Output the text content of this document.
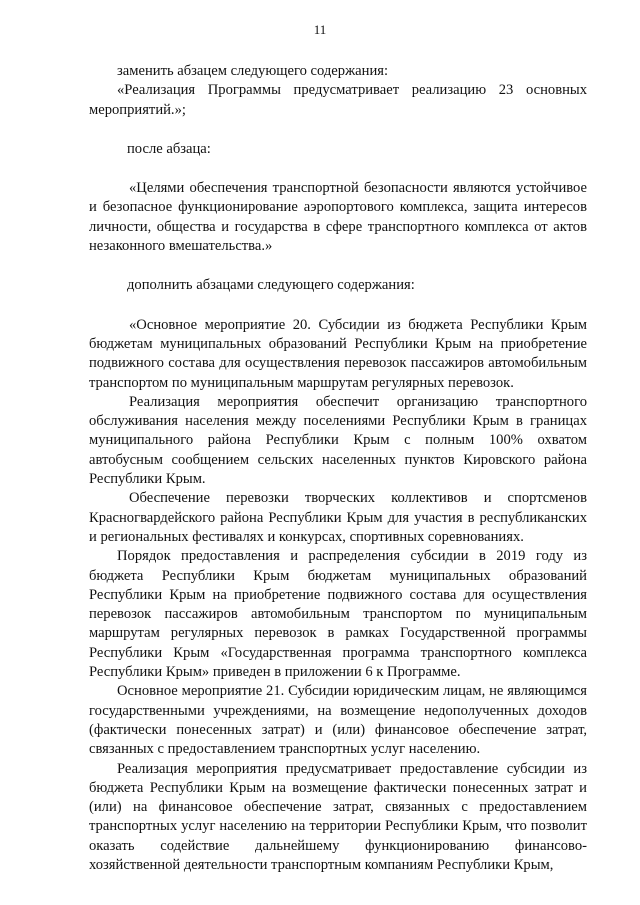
11

заменить абзацем следующего содержания:

«Реализация Программы предусматривает реализацию 23 основных мероприятий.»;

после абзаца:

«Целями обеспечения транспортной безопасности являются устойчивое и безопасное функционирование аэропортового комплекса, защита интересов личности, общества и государства в сфере транспортного комплекса от актов незаконного вмешательства.»

дополнить абзацами следующего содержания:

«Основное мероприятие 20. Субсидии из бюджета Республики Крым бюджетам муниципальных образований Республики Крым на приобретение подвижного состава для осуществления перевозок пассажиров автомобильным транспортом по муниципальным маршрутам регулярных перевозок.

Реализация мероприятия обеспечит организацию транспортного обслуживания населения между поселениями Республики Крым в границах муниципального района Республики Крым с полным 100% охватом автобусным сообщением сельских населенных пунктов Кировского района Республики Крым.

Обеспечение перевозки творческих коллективов и спортсменов Красногвардейского района Республики Крым для участия в республиканских и региональных фестивалях и конкурсах, спортивных соревнованиях.

Порядок предоставления и распределения субсидии в 2019 году из бюджета Республики Крым бюджетам муниципальных образований Республики Крым на приобретение подвижного состава для осуществления перевозок пассажиров автомобильным транспортом по муниципальным маршрутам регулярных перевозок в рамках Государственной программы Республики Крым «Государственная программа транспортного комплекса Республики Крым» приведен в приложении 6 к Программе.

Основное мероприятие 21. Субсидии юридическим лицам, не являющимся государственными учреждениями, на возмещение недополученных доходов (фактически понесенных затрат) и (или) финансовое обеспечение затрат, связанных с предоставлением транспортных услуг населению.

Реализация мероприятия предусматривает предоставление субсидии из бюджета Республики Крым на возмещение фактически понесенных затрат и (или) на финансовое обеспечение затрат, связанных с предоставлением транспортных услуг населению на территории Республики Крым, что позволит оказать содействие дальнейшему функционированию финансово-хозяйственной деятельности транспортным компаниям Республики Крым,
